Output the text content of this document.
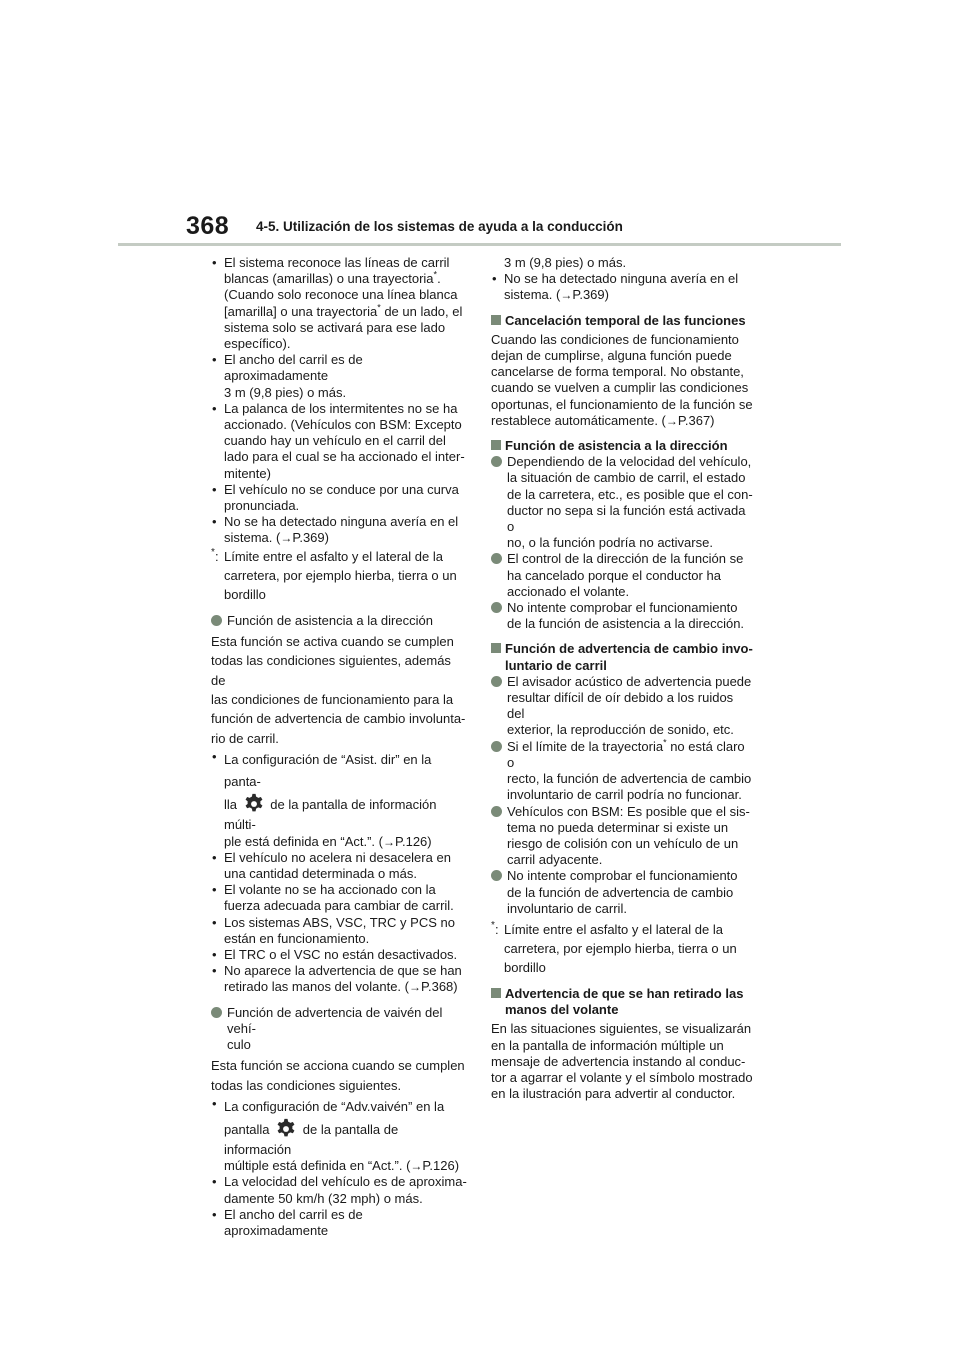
368 4-5. Utilización de los sistemas de ayuda a la conducción

• El sistema reconoce las líneas de carril
blancas (amarillas) o una trayectoria*.
(Cuando solo reconoce una línea blanca
[amarilla] o una trayectoria* de un lado, el
sistema solo se activará para ese lado
específico).

• El ancho del carril es de aproximadamente
3 m (9,8 pies) o más.

• La palanca de los intermitentes no se ha
accionado. (Vehículos con BSM: Excepto
cuando hay un vehículo en el carril del
lado para el cual se ha accionado el inter-
mitente)

• El vehículo no se conduce por una curva
pronunciada.

• No se ha detectado ninguna avería en el
sistema. (→P.369)

* : Límite entre el asfalto y el lateral de la
carretera, por ejemplo hierba, tierra o un
bordillo

Función de asistencia a la dirección

Esta función se activa cuando se cumplen
todas las condiciones siguientes, además de
las condiciones de funcionamiento para la
función de advertencia de cambio involunta-
rio de carril.

• La configuración de “Asist. dir” en la panta-
lla  de la pantalla de información múlti-
ple está definida en “Act.”. (→P.126)

• El vehículo no acelera ni desacelera en
una cantidad determinada o más.

• El volante no se ha accionado con la
fuerza adecuada para cambiar de carril.

• Los sistemas ABS, VSC, TRC y PCS no
están en funcionamiento.

• El TRC o el VSC no están desactivados.

• No aparece la advertencia de que se han
retirado las manos del volante. (→P.368)

Función de advertencia de vaivén del vehí-
culo

Esta función se acciona cuando se cumplen
todas las condiciones siguientes.

• La configuración de “Adv.vaivén” en la
pantalla  de la pantalla de información
múltiple está definida en “Act.”. (→P.126)

• La velocidad del vehículo es de aproxima-
damente 50 km/h (32 mph) o más.

• El ancho del carril es de aproximadamente

3 m (9,8 pies) o más.

• No se ha detectado ninguna avería en el
sistema. (→P.369)

Cancelación temporal de las funciones

Cuando las condiciones de funcionamiento
dejan de cumplirse, alguna función puede
cancelarse de forma temporal. No obstante,
cuando se vuelven a cumplir las condiciones
oportunas, el funcionamiento de la función se
restablece automáticamente. (→P.367)

Función de asistencia a la dirección

Dependiendo de la velocidad del vehículo,
la situación de cambio de carril, el estado
de la carretera, etc., es posible que el con-
ductor no sepa si la función está activada o
no, o la función podría no activarse.

El control de la dirección de la función se
ha cancelado porque el conductor ha
accionado el volante.

No intente comprobar el funcionamiento
de la función de asistencia a la dirección.

Función de advertencia de cambio invo-
luntario de carril

El avisador acústico de advertencia puede
resultar difícil de oír debido a los ruidos del
exterior, la reproducción de sonido, etc.

Si el límite de la trayectoria* no está claro o
recto, la función de advertencia de cambio
involuntario de carril podría no funcionar.

Vehículos con BSM: Es posible que el sis-
tema no pueda determinar si existe un
riesgo de colisión con un vehículo de un
carril adyacente.

No intente comprobar el funcionamiento
de la función de advertencia de cambio
involuntario de carril.

* : Límite entre el asfalto y el lateral de la
carretera, por ejemplo hierba, tierra o un
bordillo

Advertencia de que se han retirado las
manos del volante

En las situaciones siguientes, se visualizarán
en la pantalla de información múltiple un
mensaje de advertencia instando al conduc-
tor a agarrar el volante y el símbolo mostrado
en la ilustración para advertir al conductor.
